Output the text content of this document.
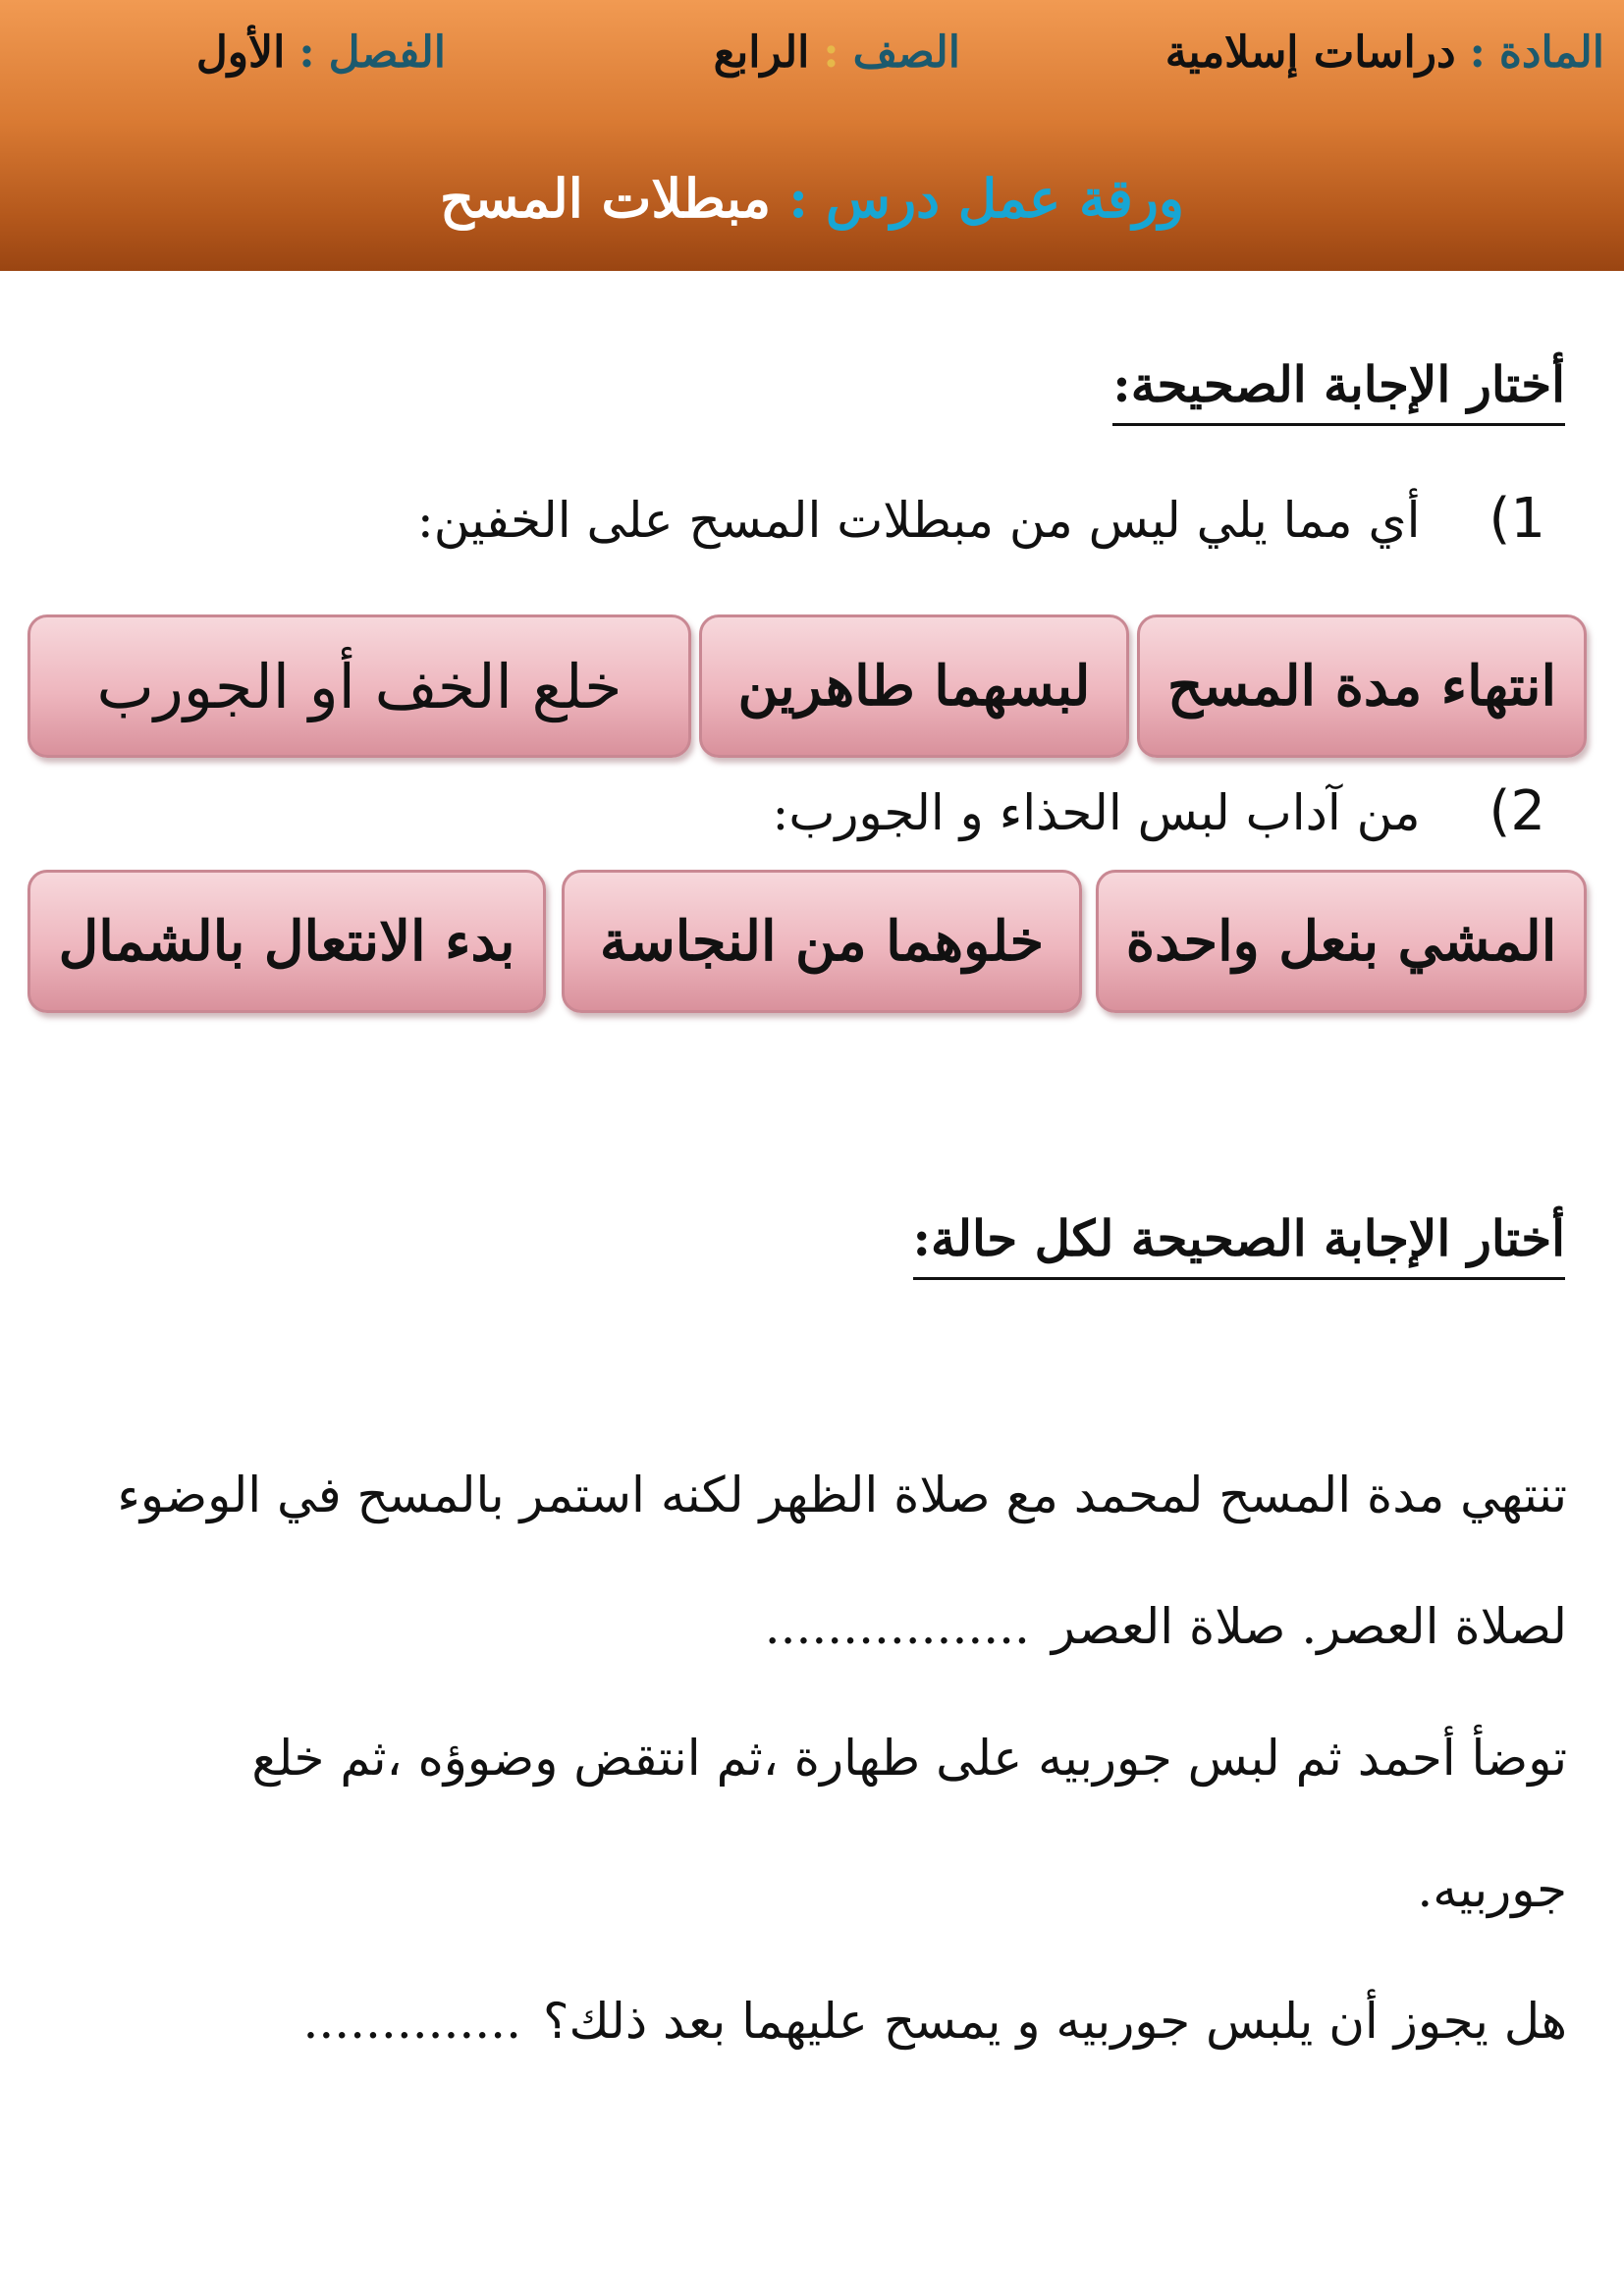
المادة:دراسات إسلامية
الصف:الرابع
الفصل:الأول
ورقة عمل درس:مبطلات المسح
أختار الإجابة الصحيحة:
1)أي مما يلي ليس من مبطلات المسح على الخفين:
انتهاء مدة المسح
لبسهما طاهرين
خلع الخف أو الجورب
2)من آداب لبس الحذاء و الجورب:
المشي بنعل واحدة
خلوهما من النجاسة
بدء الانتعال بالشمال
أختار الإجابة الصحيحة لكل حالة:
تنتهي مدة المسح لمحمد مع صلاة الظهر لكنه استمر بالمسح في الوضوء
لصلاة العصر. صلاة العصر.................
توضأ أحمد ثم لبس جوربيه على طهارة ،ثم انتقض وضوؤه ،ثم خلع
جوربيه.
هل يجوز أن يلبس جوربيه و يمسح عليهما بعد ذلك؟..............
